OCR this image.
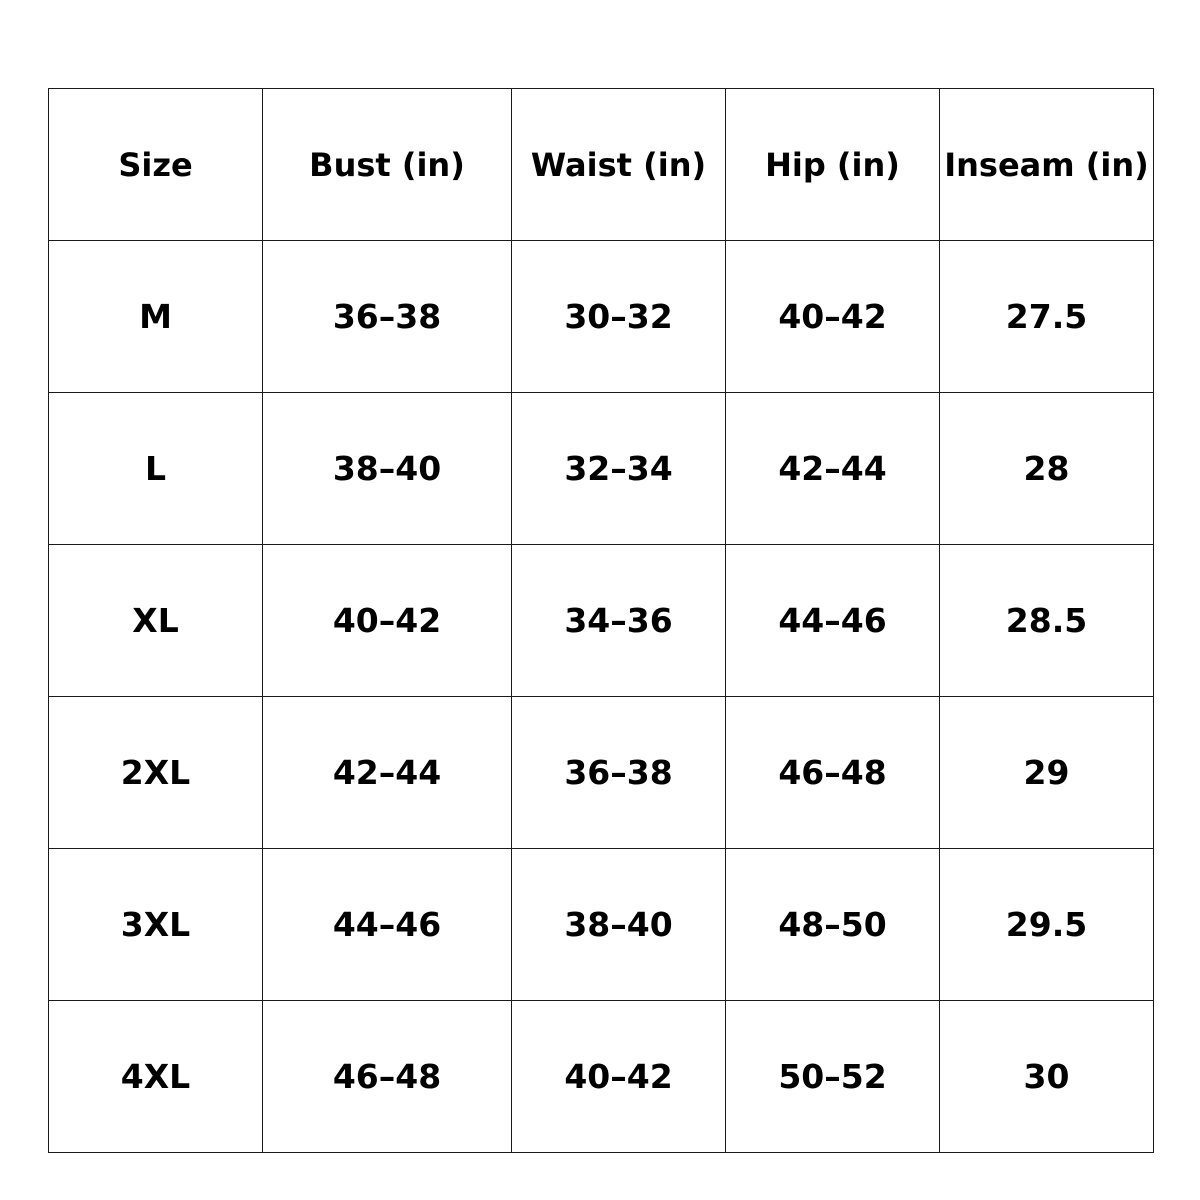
Size	Bust (in)	Waist (in)	Hip (in)	Inseam (in)
M	36–38	30–32	40–42	27.5
L	38–40	32–34	42–44	28
XL	40–42	34–36	44–46	28.5
2XL	42–44	36–38	46–48	29
3XL	44–46	38–40	48–50	29.5
4XL	46–48	40–42	50–52	30
